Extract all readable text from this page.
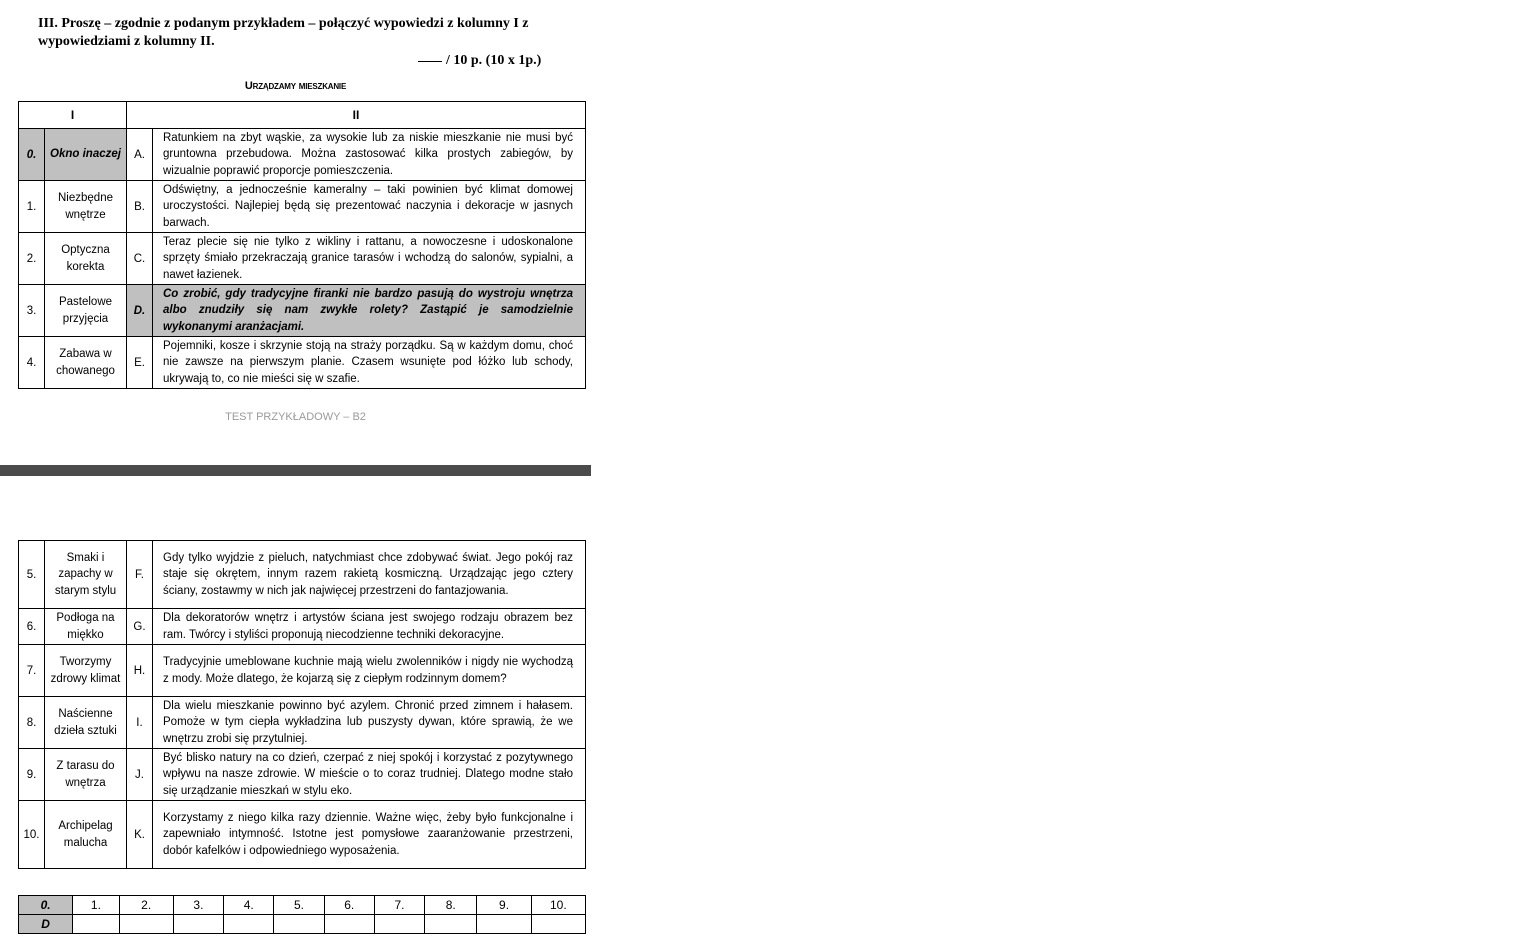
III. Proszę – zgodnie z podanym przykładem – połączyć wypowiedzi z kolumny I z wypowiedziami z kolumny II.
/ 10 p. (10 x 1p.)
Urządzamy mieszkanie
I		II	
0.	Okno inaczej	A.	Ratunkiem na zbyt wąskie, za wysokie lub za niskie mieszkanie nie musi być gruntowna przebudowa. Można zastosować kilka prostych zabiegów, by wizualnie poprawić proporcje pomieszczenia.
1.	Niezbędne wnętrze	B.	Odświętny, a jednocześnie kameralny – taki powinien być klimat domowej uroczystości. Najlepiej będą się prezentować naczynia i dekoracje w jasnych barwach.
2.	Optyczna korekta	C.	Teraz plecie się nie tylko z wikliny i rattanu, a nowoczesne i udoskonalone sprzęty śmiało przekraczają granice tarasów i wchodzą do salonów, sypialni, a nawet łazienek.
3.	Pastelowe przyjęcia	D.	Co zrobić, gdy tradycyjne firanki nie bardzo pasują do wystroju wnętrza albo znudziły się nam zwykłe rolety? Zastąpić je samodzielnie wykonanymi aranżacjami.
4.	Zabawa w chowanego	E.	Pojemniki, kosze i skrzynie stoją na straży porządku. Są w każdym domu, choć nie zawsze na pierwszym planie. Czasem wsunięte pod łóżko lub schody, ukrywają to, co nie mieści się w szafie.
TEST PRZYKŁADOWY – B2
5.	Smaki i zapachy w starym stylu	F.	Gdy tylko wyjdzie z pieluch, natychmiast chce zdobywać świat. Jego pokój raz staje się okrętem, innym razem rakietą kosmiczną. Urządzając jego cztery ściany, zostawmy w nich jak najwięcej przestrzeni do fantazjowania.
6.	Podłoga na miękko	G.	Dla dekoratorów wnętrz i artystów ściana jest swojego rodzaju obrazem bez ram. Twórcy i styliści proponują niecodzienne techniki dekoracyjne.
7.	Tworzymy zdrowy klimat	H.	Tradycyjnie umeblowane kuchnie mają wielu zwolenników i nigdy nie wychodzą z mody. Może dlatego, że kojarzą się z ciepłym rodzinnym domem?
8.	Naścienne dzieła sztuki	I.	Dla wielu mieszkanie powinno być azylem. Chronić przed zimnem i hałasem. Pomoże w tym ciepła wykładzina lub puszysty dywan, które sprawią, że we wnętrzu zrobi się przytulniej.
9.	Z tarasu do wnętrza	J.	Być blisko natury na co dzień, czerpać z niej spokój i korzystać z pozytywnego wpływu na nasze zdrowie. W mieście o to coraz trudniej. Dlatego modne stało się urządzanie mieszkań w stylu eko.
10.	Archipelag malucha	K.	Korzystamy z niego kilka razy dziennie. Ważne więc, żeby było funkcjonalne i zapewniało intymność. Istotne jest pomysłowe zaaranżowanie przestrzeni, dobór kafelków i odpowiedniego wyposażenia.
0.	1.	2.	3.	4.	5.	6.	7.	8.	9.	10.
D										
